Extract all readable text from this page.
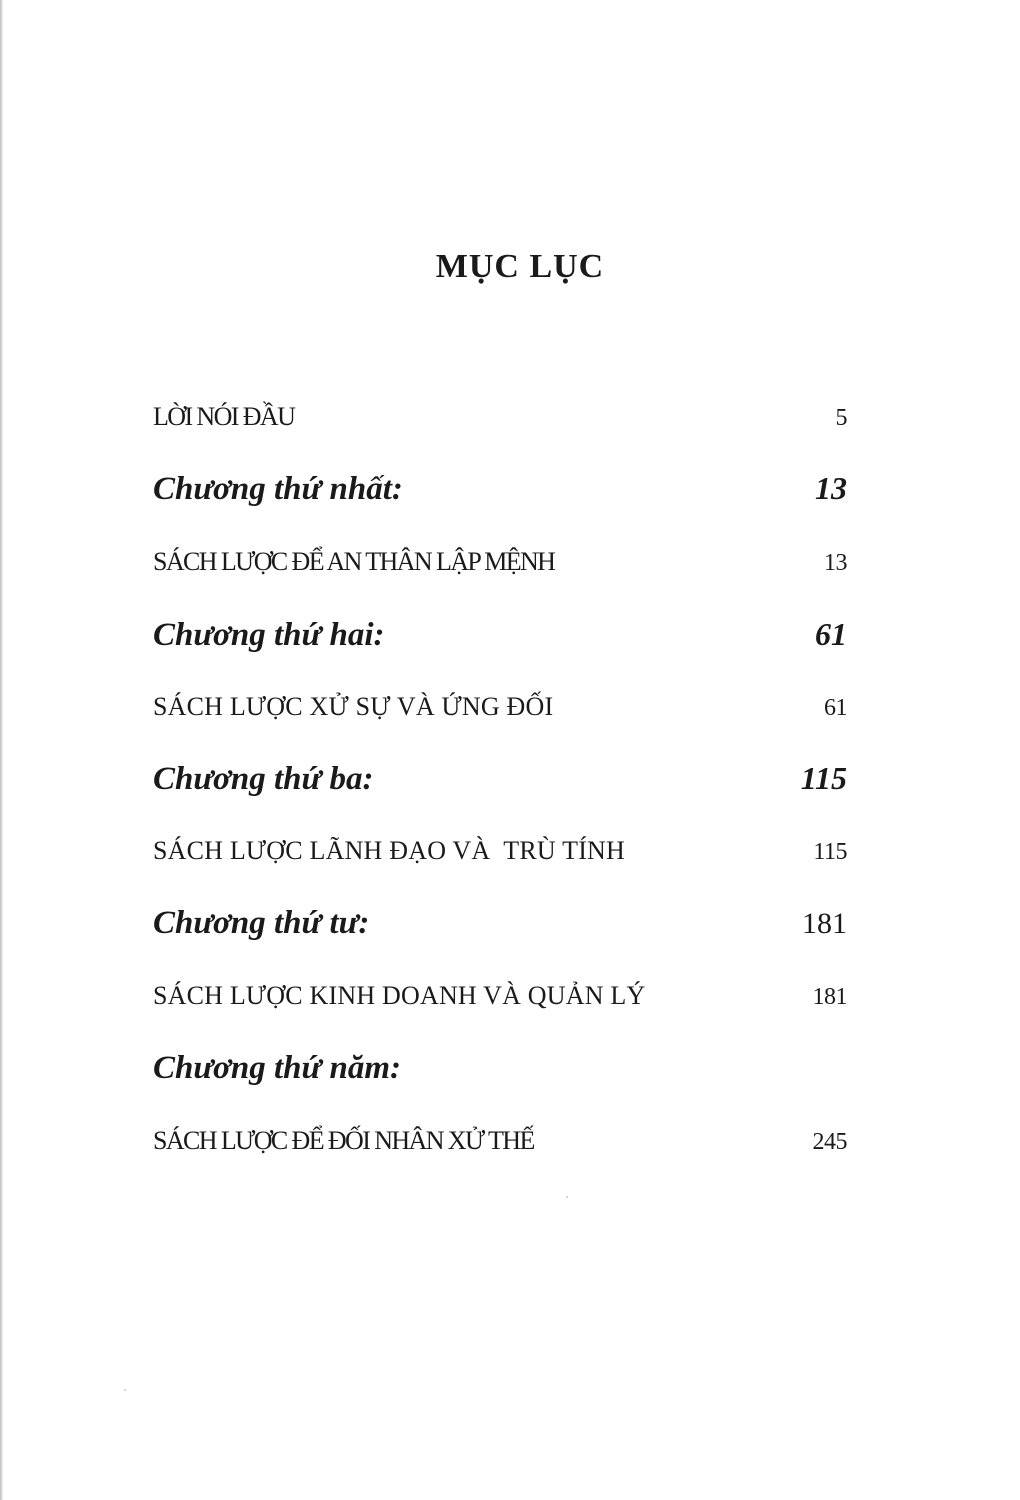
MỤC LỤC
LỜI NÓI ĐẦU	5
Chương thứ nhất:	13
SÁCH LƯỢC ĐỂ AN THÂN LẬP MỆNH	13
Chương thứ hai:	61
SÁCH LƯỢC XỬ SỰ VÀ ỨNG ĐỐI	61
Chương thứ ba:	115
SÁCH LƯỢC LÃNH ĐẠO VÀ  TRÙ TÍNH	115
Chương thứ tư:	181
SÁCH LƯỢC KINH DOANH VÀ QUẢN LÝ	181
Chương thứ năm:
SÁCH LƯỢC ĐỂ ĐỐI NHÂN XỬ THẾ	245
